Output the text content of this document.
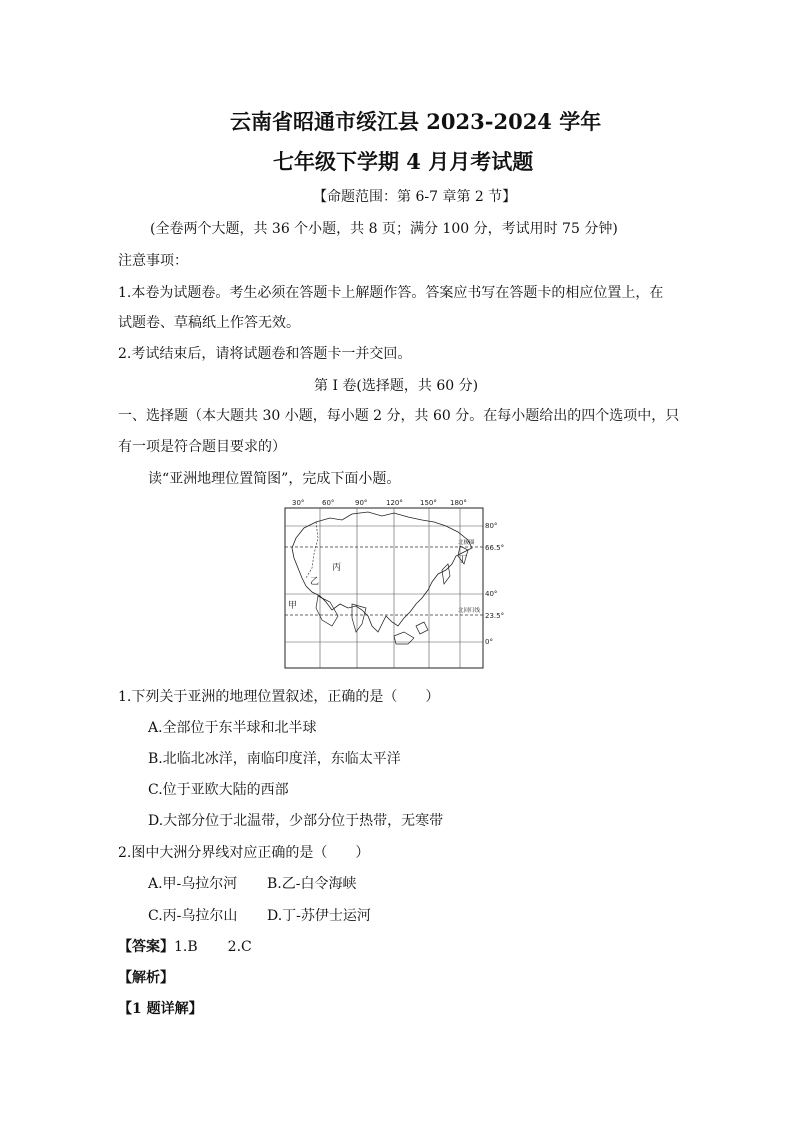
云南省昭通市绥江县 2023-2024 学年
七年级下学期 4 月月考试题
【命题范围：第 6-7 章第 2 节】
(全卷两个大题，共 36 个小题，共 8 页；满分 100 分，考试用时 75 分钟)
注意事项：
1.本卷为试题卷。考生必须在答题卡上解题作答。答案应书写在答题卡的相应位置上，在
试题卷、草稿纸上作答无效。
2.考试结束后，请将试题卷和答题卡一并交回。
第 I 卷(选择题，共 60 分)
一、选择题（本大题共 30 小题，每小题 2 分，共 60 分。在每小题给出的四个选项中，只
有一项是符合题目要求的）
读“亚洲地理位置简图”，完成下面小题。
30°	60°	90°	120° 150° 180°
80°
66.5°
40°
23.5°
0°
北极圈
北回归线
甲
乙
丙
丁
1.下列关于亚洲的地理位置叙述，正确的是（　　）
A.全部位于东半球和北半球
B.北临北冰洋，南临印度洋，东临太平洋
C.位于亚欧大陆的西部
D.大部分位于北温带，少部分位于热带，无寒带
2.图中大洲分界线对应正确的是（　　）
A.甲-乌拉尔河 B.乙-白令海峡
C.丙-乌拉尔山 D.丁-苏伊士运河
【答案】1.B 2.C
【解析】
【1 题详解】
